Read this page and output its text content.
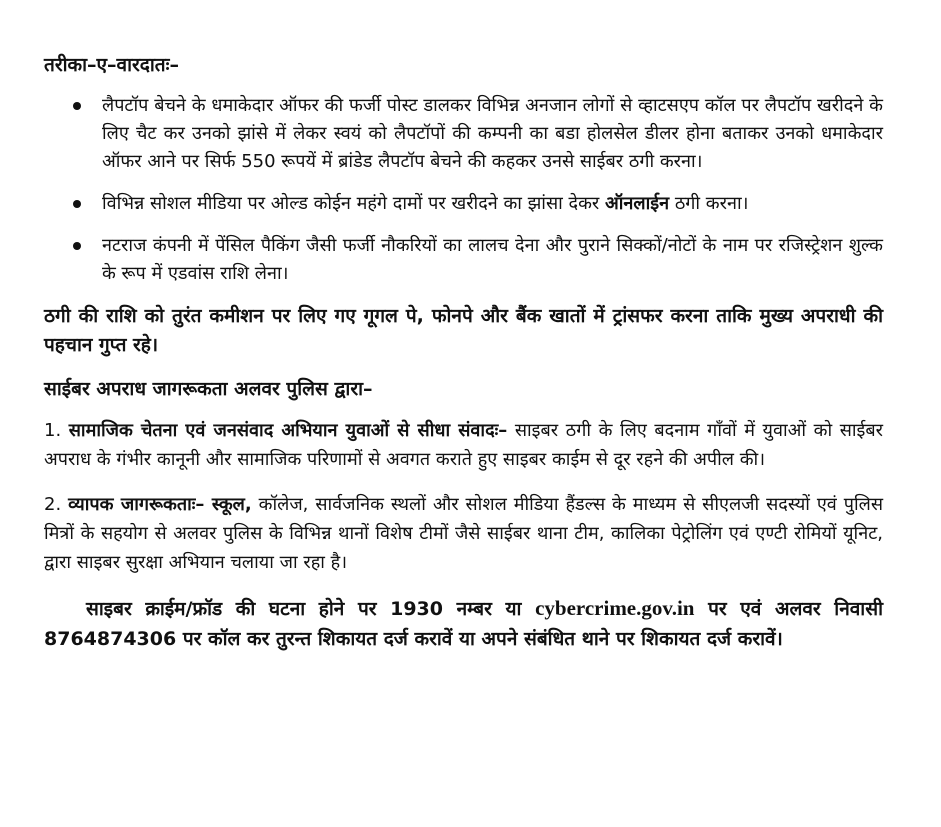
तरीका–ए–वारदातः–
लैपटॉप बेचने के धमाकेदार ऑफर की फर्जी पोस्ट डालकर विभिन्न अनजान लोगों से व्हाटसएप कॉल पर लैपटॉप खरीदने के लिए चैट कर उनको झांसे में लेकर स्वयं को लैपटॉपों की कम्पनी का बडा होलसेल डीलर होना बताकर उनको धमाकेदार ऑफर आने पर सिर्फ 550 रूपयें में ब्रांडेड लैपटॉप बेचने की कहकर उनसे साईबर ठगी करना।
विभिन्न सोशल मीडिया पर ओल्ड कोईन महंगे दामों पर खरीदने का झांसा देकर ऑनलाईन ठगी करना।
नटराज कंपनी में पेंसिल पैकिंग जैसी फर्जी नौकरियों का लालच देना और पुराने सिक्कों/नोटों के नाम पर रजिस्ट्रेशन शुल्क के रूप में एडवांस राशि लेना।
ठगी की राशि को तुरंत कमीशन पर लिए गए गूगल पे, फोनपे और बैंक खातों में ट्रांसफर करना ताकि मुख्य अपराधी की पहचान गुप्त रहे।
साईबर अपराध जागरूकता अलवर पुलिस द्वारा–
1. सामाजिक चेतना एवं जनसंवाद अभियान युवाओं से सीधा संवादः– साइबर ठगी के लिए बदनाम गाँवों में युवाओं को साईबर अपराध के गंभीर कानूनी और सामाजिक परिणामों से अवगत कराते हुए साइबर काईम से दूर रहने की अपील की।
2. व्यापक जागरूकताः– स्कूल, कॉलेज, सार्वजनिक स्थलों और सोशल मीडिया हैंडल्स के माध्यम से सीएलजी सदस्यों एवं पुलिस मित्रों के सहयोग से अलवर पुलिस के विभिन्न थानों विशेष टीमों जैसे साईबर थाना टीम, कालिका पेट्रोलिंग एवं एण्टी रोमियों यूनिट, द्वारा साइबर सुरक्षा अभियान चलाया जा रहा है।
साइबर क्राईम/फ्रॉड की घटना होने पर 1930 नम्बर या cybercrime.gov.in पर एवं अलवर निवासी 8764874306 पर कॉल कर तुरन्त शिकायत दर्ज करावें या अपने संबंधित थाने पर शिकायत दर्ज करावें।
